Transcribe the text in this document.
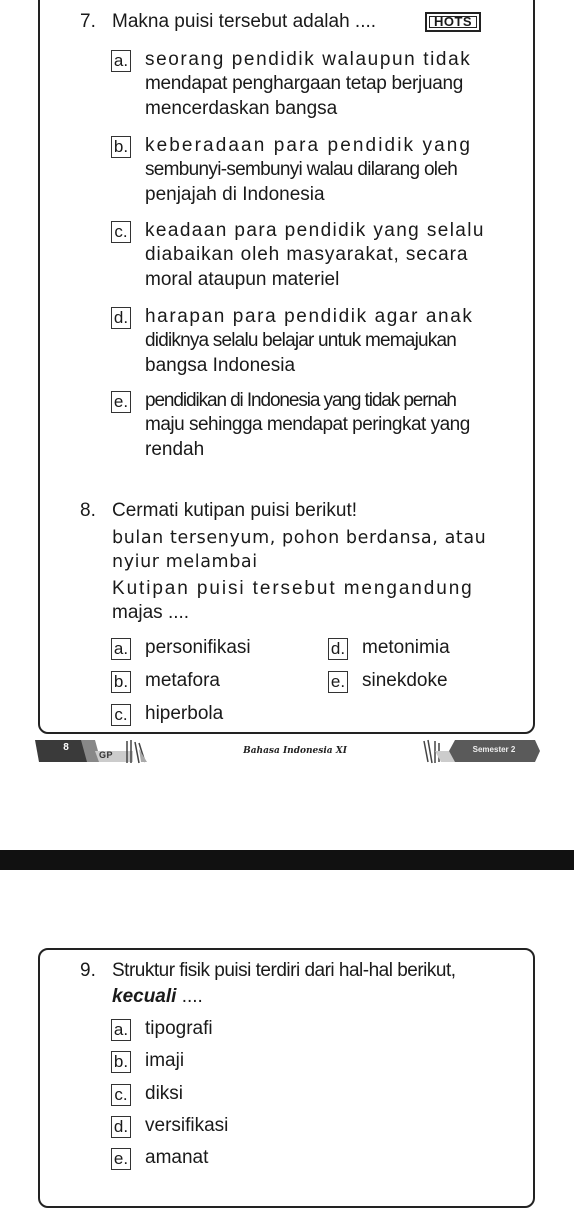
7. Makna puisi tersebut adalah ....	HOTS
a. seorang pendidik walaupun tidak
mendapat penghargaan tetap berjuang
mencerdaskan bangsa
b. keberadaan para pendidik yang
sembunyi-sembunyi walau dilarang oleh
penjajah di Indonesia
c. keadaan para pendidik yang selalu
diabaikan oleh masyarakat, secara
moral ataupun materiel
d. harapan para pendidik agar anak
didiknya selalu belajar untuk memajukan
bangsa Indonesia
e. pendidikan di Indonesia yang tidak pernah
maju sehingga mendapat peringkat yang
rendah
8. Cermati kutipan puisi berikut!
bulan tersenyum, pohon berdansa, atau
nyiur melambai
Kutipan puisi tersebut mengandung
majas ....
a. personifikasi
b. metafora
c. hiperbola
d. metonimia
e. sinekdoke
8
GP	Bahasa Indonesia XI	Semester 2
9. Struktur fisik puisi terdiri dari hal-hal berikut,
kecuali ....
a. tipografi
b. imaji
c. diksi
d. versifikasi
e. amanat
